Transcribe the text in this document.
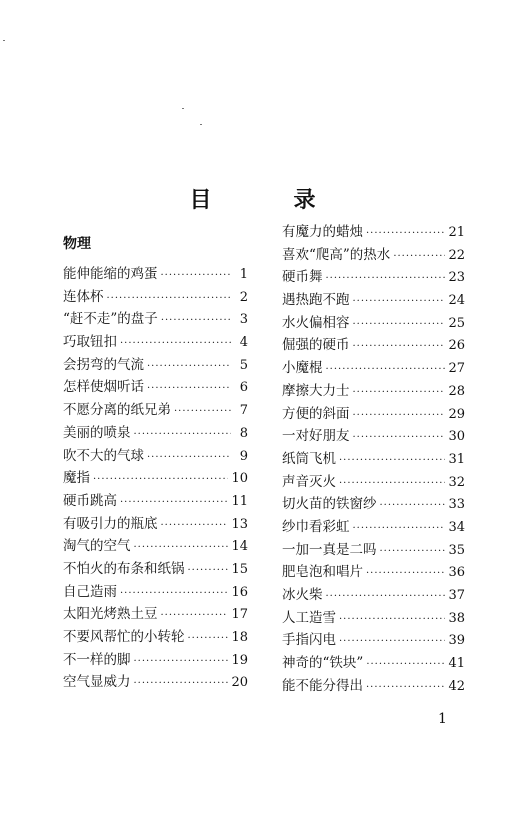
目　录
物理
能伸能缩的鸡蛋 ·····	1
连体杯 ·····	2
“赶不走”的盘子 ·····	3
巧取钮扣 ·····	4
会拐弯的气流 ·····	5
怎样使烟听话 ·····	6
不愿分离的纸兄弟 ·····	7
美丽的喷泉 ·····	8
吹不大的气球 ·····	9
魔指 ·····	10
硬币跳高 ·····	11
有吸引力的瓶底 ·····	13
淘气的空气 ·····	14
不怕火的布条和纸锅 ·····	15
自己造雨 ·····	16
太阳光烤熟土豆 ·····	17
不要风帮忙的小转轮 ·····	18
不一样的脚 ·····	19
空气显威力 ·····	20
有魔力的蜡烛 ·····	21
喜欢“爬高”的热水 ·····	22
硬币舞 ·····	23
遇热跑不跑 ·····	24
水火偏相容 ·····	25
倔强的硬币 ·····	26
小魔棍 ·····	27
摩擦大力士 ·····	28
方便的斜面 ·····	29
一对好朋友 ·····	30
纸筒飞机 ·····	31
声音灭火 ·····	32
切火苗的铁窗纱 ·····	33
纱巾看彩虹 ·····	34
一加一真是二吗 ·····	35
肥皂泡和唱片 ·····	36
冰火柴 ·····	37
人工造雪 ·····	38
手指闪电 ·····	39
神奇的“铁块” ·····	41
能不能分得出 ·····	42
1
